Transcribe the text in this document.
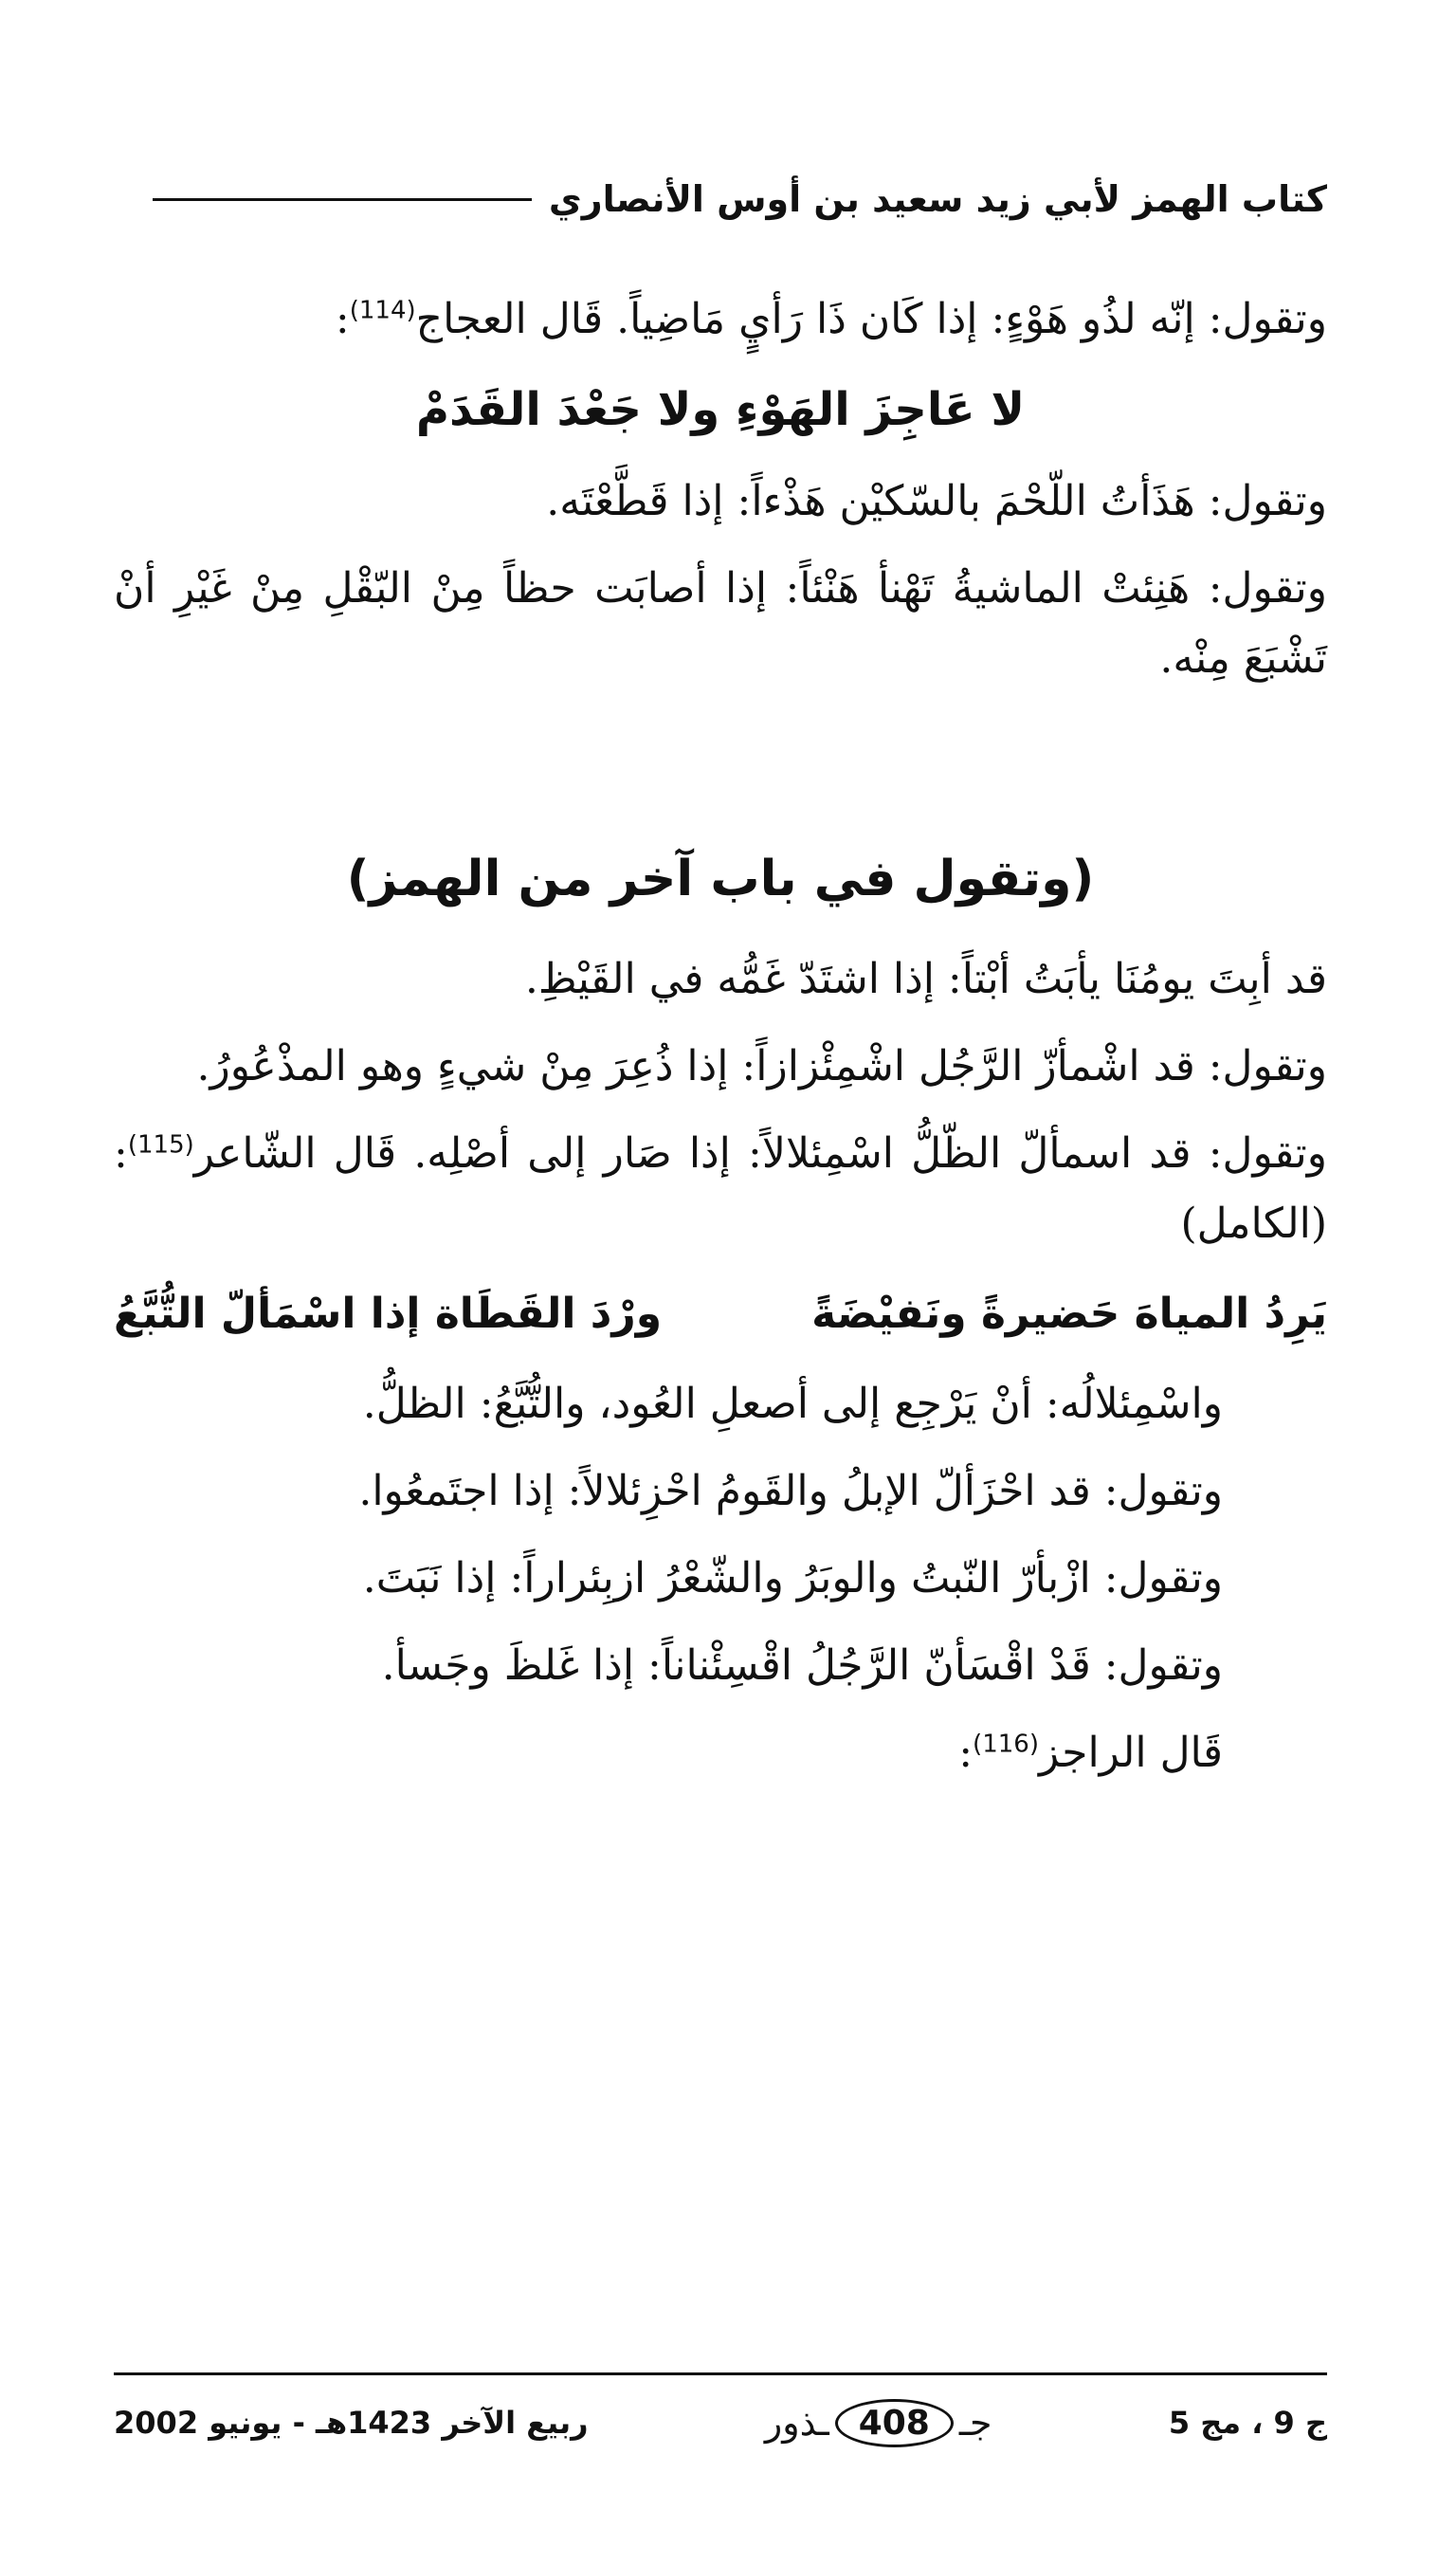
كتاب الهمز لأبي زيد سعيد بن أوس الأنصاري

وتقول: إنّه لذُو هَوْءٍ: إذا كَان ذَا رَأيٍ مَاضِياً. قَال العجاج$^{(114)}$:

لا عَاجِزَ الهَوْءِ ولا جَعْدَ القَدَمْ

وتقول: هَذَأتُ اللّحْمَ بالسّكيْن هَذْءاً: إذا قَطَّعْتَه.

وتقول: هَنِئتْ الماشيةُ تَهْنأ هَنْئاً: إذا أصابَت حظاً مِنْ البّقْلِ مِنْ غَيْرِ أنْ تَشْبَعَ مِنْه.

(وتقول في باب آخر من الهمز)

قد أبِتَ يومُنَا يأبَتُ أبْتاً: إذا اشتَدّ غَمُّه في القَيْظِ.

وتقول: قد اشْمأزّ الرَّجُل اشْمِئْزازاً: إذا ذُعِرَ مِنْ شيءٍ وهو المذْعُورُ.

وتقول: قد اسمألّ الظّلُّ اسْمِئلالاً: إذا صَار إلى أصْلِه. قَال الشّاعر$^{(115)}$: (الكامل)

يَرِدُ المياهَ حَضيرةً ونَفيْضَةً
ورْدَ القَطَاة إذا اسْمَألّ التُّبَّعُ

واسْمِئلالُه: أنْ يَرْجِع إلى أصعلِ العُود، والتُّبَّعُ: الظلُّ.

وتقول: قد احْزَألّ الإبلُ والقَومُ احْزِئلالاً: إذا اجتَمعُوا.

وتقول: ازْبأرّ النّبتُ والوبَرُ والشّعْرُ ازبِئراراً: إذا نَبَتَ.

وتقول: قَدْ اقْسَأنّ الرَّجُلُ اقْسِئْناناً: إذا غَلظَ وجَسأ.

قَال الراجز$^{(116)}$:

ج 9 ، مج 5
جـ
408
ـذور
ربيع الآخر 1423هـ - يونيو 2002
